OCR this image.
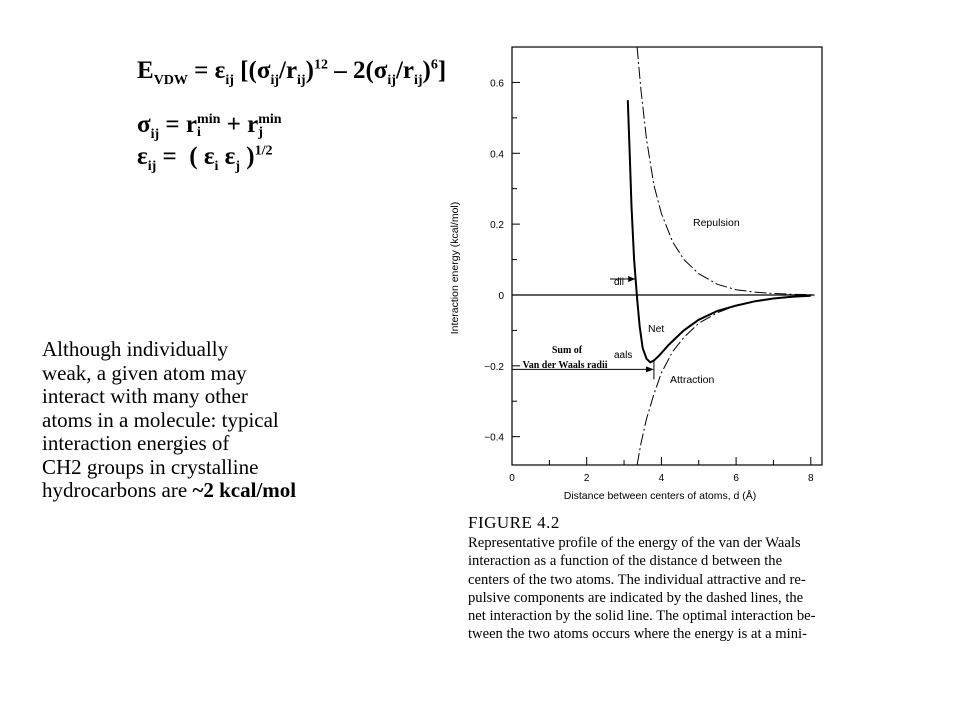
$E_{VDW} = \varepsilon_{ij}$ $[(\sigma_{ij}/r_{ij})^{12} - 2(\sigma_{ij}/r_{ij})^6]$
$\sigma_{ij} = r$ min
i + r min
j
$\varepsilon_{ij}$ =  ( $\varepsilon_i$ $\varepsilon_j$ )$^{1/2}$
Although individually
weak, a given atom may
interact with many other
atoms in a molecule: typical
interaction energies of
CH2 groups in crystalline
hydrocarbons are ~2 kcal/mol
0.6
0.4
0.2
0
−0.2
−0.4
0	2	4	6	8
Interaction energy (kcal/mol)
Distance between centers of atoms, d (Å)
Repulsion
Net
Attraction
dii
aals
Sum of
Van der Waals radii
FIGURE 4.2
Representative profile of the energy of the van der Waals
interaction as a function of the distance d between the
centers of the two atoms. The individual attractive and re-
pulsive components are indicated by the dashed lines, the
net interaction by the solid line. The optimal interaction be-
tween the two atoms occurs where the energy is at a mini-
